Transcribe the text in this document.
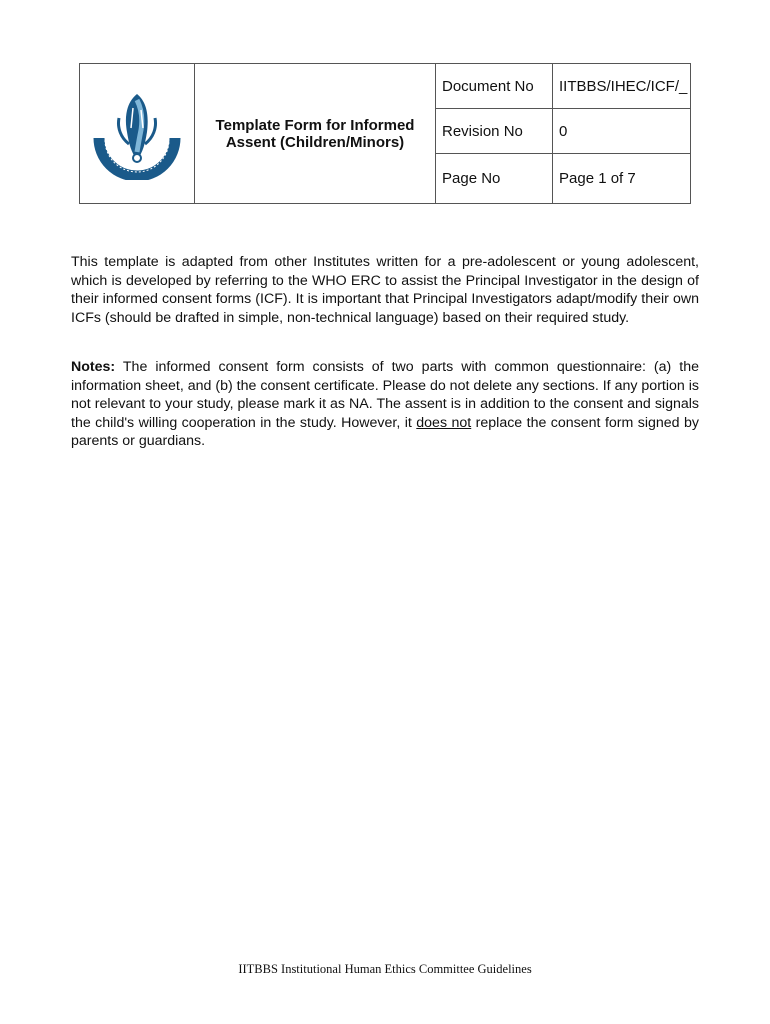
	Template Form for Informed Assent (Children/Minors)	Document No	IITBBS/IHEC/ICF/_
		Revision No	0
		Page No	Page 1 of 7

This template is adapted from other Institutes written for a pre-adolescent or young adolescent, which is developed by referring to the WHO ERC to assist the Principal Investigator in the design of their informed consent forms (ICF). It is important that Principal Investigators adapt/modify their own ICFs (should be drafted in simple, non-technical language) based on their required study.

Notes: The informed consent form consists of two parts with common questionnaire: (a) the information sheet, and (b) the consent certificate. Please do not delete any sections. If any portion is not relevant to your study, please mark it as NA. The assent is in addition to the consent and signals the child's willing cooperation in the study. However, it does not replace the consent form signed by parents or guardians.

IITBBS Institutional Human Ethics Committee Guidelines
